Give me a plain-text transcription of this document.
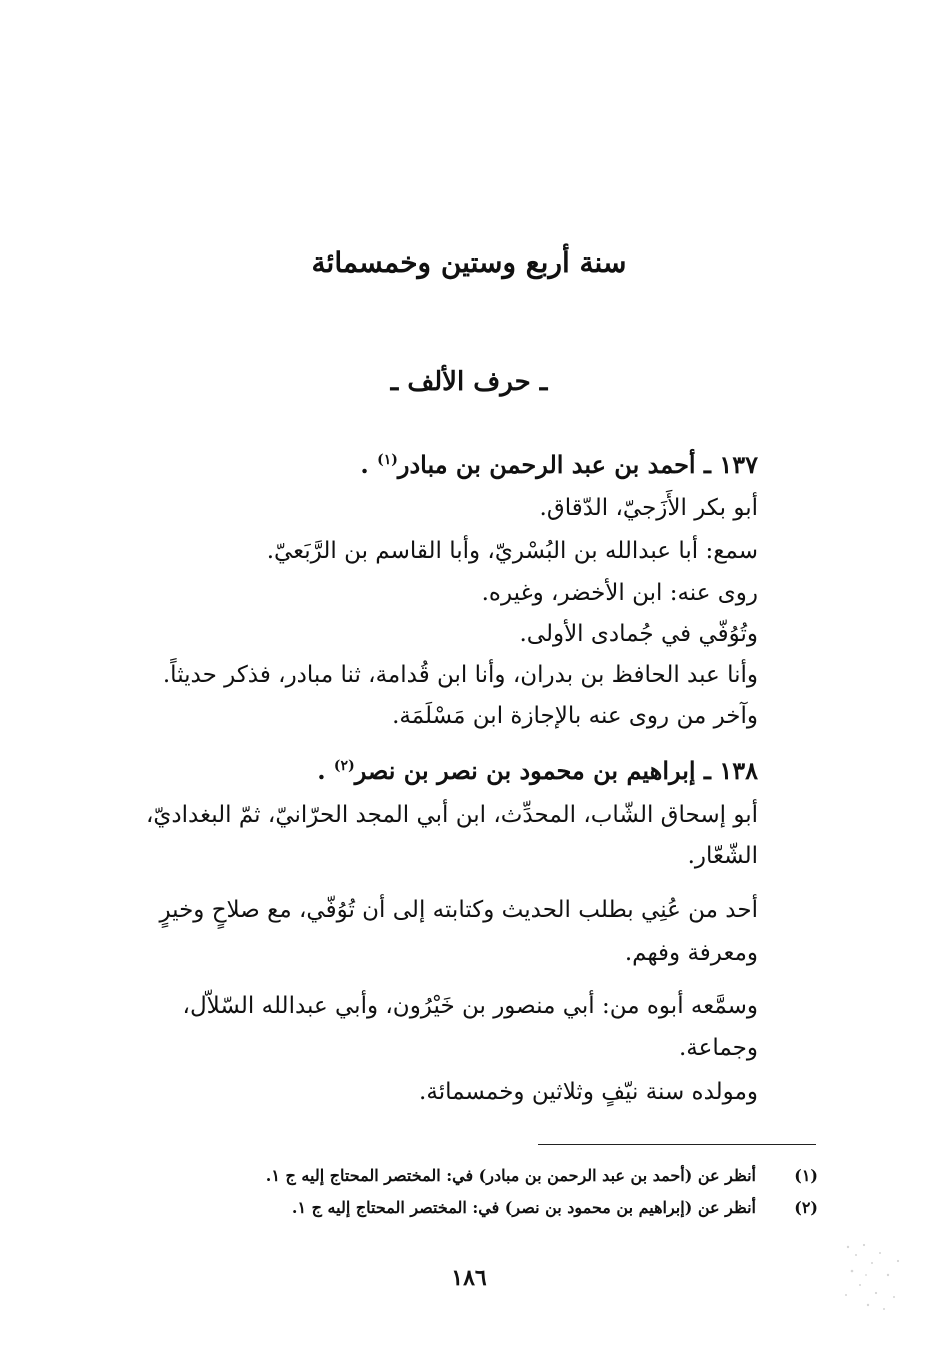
سنة أربع وستين وخمسمائة
ـ حرف الألف ـ
١٣٧ ـ أحمد بن عبد الرحمن بن مبادر$^{(١)}$ .
أبو بكر الأَزَجيّ، الدّقاق.
سمع: أبا عبدالله بن البُسْريّ، وأبا القاسم بن الرَّبَعيّ.
روى عنه: ابن الأخضر، وغيره.
وتُوُفّي في جُمادى الأولى.
وأنا عبد الحافظ بن بدران، وأنا ابن قُدامة، ثنا مبادر، فذكر حديثاً.
وآخر من روى عنه بالإجازة ابن مَسْلَمَة.
١٣٨ ـ إبراهيم بن محمود بن نصر بن نصر$^{(٢)}$ .
أبو إسحاق الشّاب، المحدِّث، ابن أبي المجد الحرّانيّ، ثمّ البغداديّ،
الشّعّار.
أحد من عُنِي بطلب الحديث وكتابته إلى أن تُوُفّي، مع صلاحٍ وخيرٍ
ومعرفة وفهم.
وسمَّعه أبوه من: أبي منصور بن خَيْرُون، وأبي عبدالله السّلاّل،
وجماعة.
ومولده سنة نيّفٍ وثلاثين وخمسمائة.
(١)أنظر عن (أحمد بن عبد الرحمن بن مبادر) في: المختصر المحتاج إليه ج ١.
(٢)أنظر عن (إبراهيم بن محمود بن نصر) في: المختصر المحتاج إليه ج ١.
١٨٦
